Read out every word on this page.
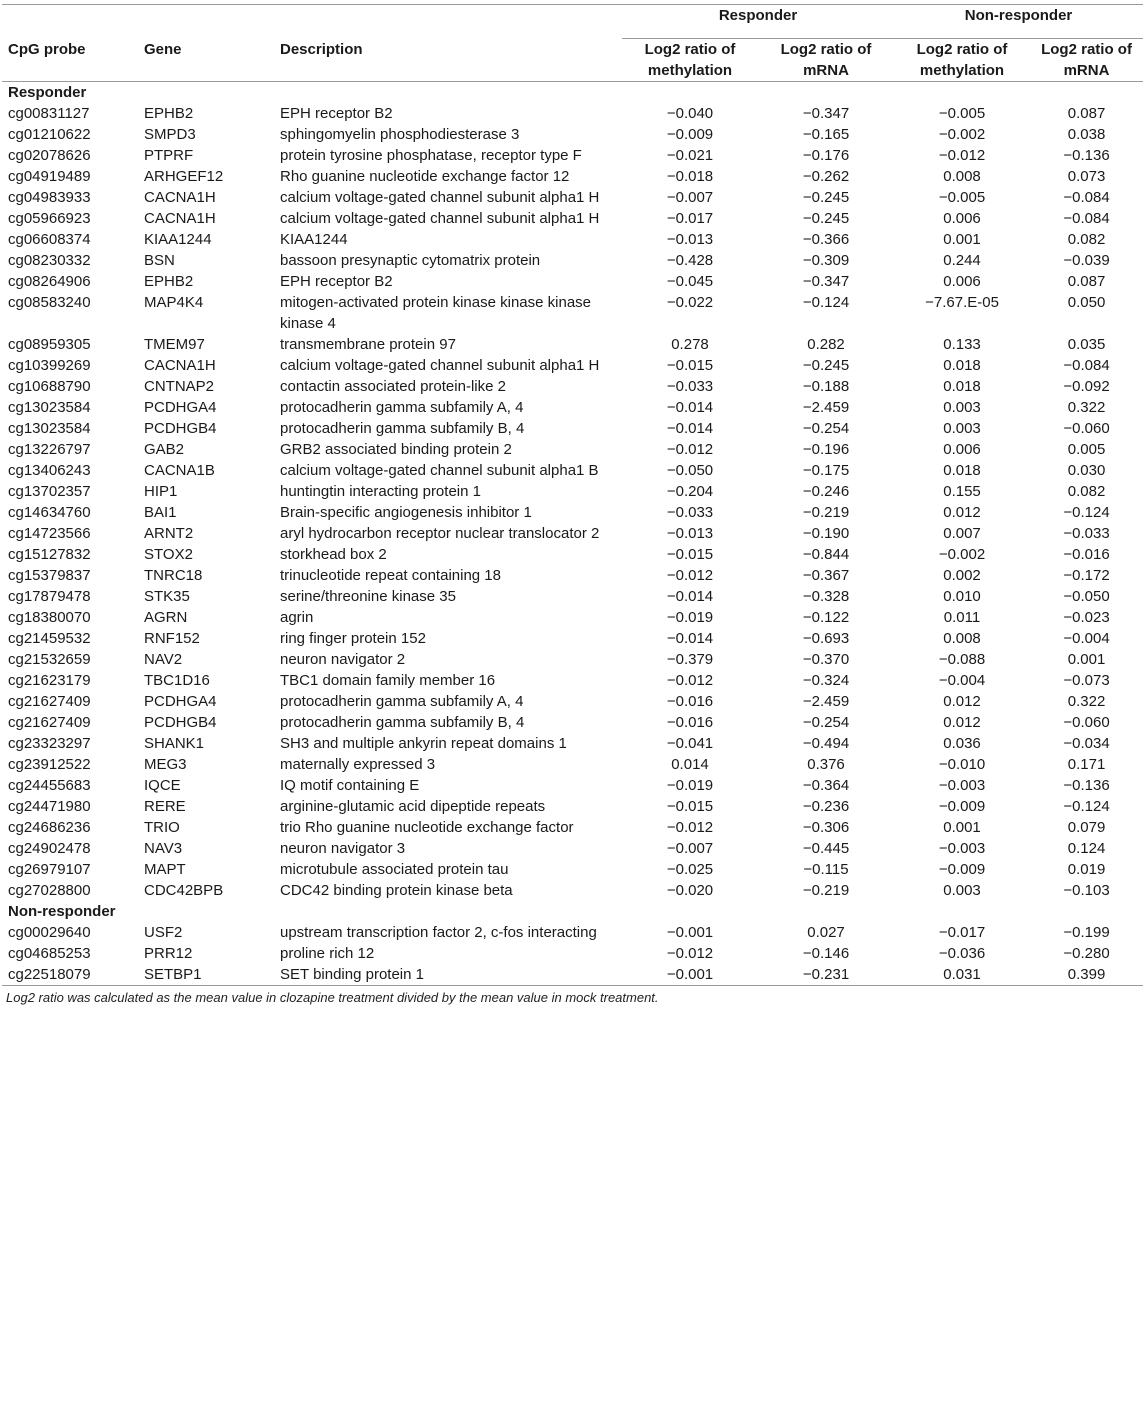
			Responder		Non-responder	
CpG probe	Gene	Description	Log2 ratio of methylation	Log2 ratio of mRNA	Log2 ratio of methylation	Log2 ratio of mRNA
Responder						
cg00831127	EPHB2	EPH receptor B2	−0.040	−0.347	−0.005	0.087
cg01210622	SMPD3	sphingomyelin phosphodiesterase 3	−0.009	−0.165	−0.002	0.038
cg02078626	PTPRF	protein tyrosine phosphatase, receptor type F	−0.021	−0.176	−0.012	−0.136
cg04919489	ARHGEF12	Rho guanine nucleotide exchange factor 12	−0.018	−0.262	0.008	0.073
cg04983933	CACNA1H	calcium voltage-gated channel subunit alpha1 H	−0.007	−0.245	−0.005	−0.084
cg05966923	CACNA1H	calcium voltage-gated channel subunit alpha1 H	−0.017	−0.245	0.006	−0.084
cg06608374	KIAA1244	KIAA1244	−0.013	−0.366	0.001	0.082
cg08230332	BSN	bassoon presynaptic cytomatrix protein	−0.428	−0.309	0.244	−0.039
cg08264906	EPHB2	EPH receptor B2	−0.045	−0.347	0.006	0.087
cg08583240	MAP4K4	mitogen-activated protein kinase kinase kinase kinase 4	−0.022	−0.124	−7.67.E-05	0.050
cg08959305	TMEM97	transmembrane protein 97	0.278	0.282	0.133	0.035
cg10399269	CACNA1H	calcium voltage-gated channel subunit alpha1 H	−0.015	−0.245	0.018	−0.084
cg10688790	CNTNAP2	contactin associated protein-like 2	−0.033	−0.188	0.018	−0.092
cg13023584	PCDHGA4	protocadherin gamma subfamily A, 4	−0.014	−2.459	0.003	0.322
cg13023584	PCDHGB4	protocadherin gamma subfamily B, 4	−0.014	−0.254	0.003	−0.060
cg13226797	GAB2	GRB2 associated binding protein 2	−0.012	−0.196	0.006	0.005
cg13406243	CACNA1B	calcium voltage-gated channel subunit alpha1 B	−0.050	−0.175	0.018	0.030
cg13702357	HIP1	huntingtin interacting protein 1	−0.204	−0.246	0.155	0.082
cg14634760	BAI1	Brain-specific angiogenesis inhibitor 1	−0.033	−0.219	0.012	−0.124
cg14723566	ARNT2	aryl hydrocarbon receptor nuclear translocator 2	−0.013	−0.190	0.007	−0.033
cg15127832	STOX2	storkhead box 2	−0.015	−0.844	−0.002	−0.016
cg15379837	TNRC18	trinucleotide repeat containing 18	−0.012	−0.367	0.002	−0.172
cg17879478	STK35	serine/threonine kinase 35	−0.014	−0.328	0.010	−0.050
cg18380070	AGRN	agrin	−0.019	−0.122	0.011	−0.023
cg21459532	RNF152	ring finger protein 152	−0.014	−0.693	0.008	−0.004
cg21532659	NAV2	neuron navigator 2	−0.379	−0.370	−0.088	0.001
cg21623179	TBC1D16	TBC1 domain family member 16	−0.012	−0.324	−0.004	−0.073
cg21627409	PCDHGA4	protocadherin gamma subfamily A, 4	−0.016	−2.459	0.012	0.322
cg21627409	PCDHGB4	protocadherin gamma subfamily B, 4	−0.016	−0.254	0.012	−0.060
cg23323297	SHANK1	SH3 and multiple ankyrin repeat domains 1	−0.041	−0.494	0.036	−0.034
cg23912522	MEG3	maternally expressed 3	0.014	0.376	−0.010	0.171
cg24455683	IQCE	IQ motif containing E	−0.019	−0.364	−0.003	−0.136
cg24471980	RERE	arginine-glutamic acid dipeptide repeats	−0.015	−0.236	−0.009	−0.124
cg24686236	TRIO	trio Rho guanine nucleotide exchange factor	−0.012	−0.306	0.001	0.079
cg24902478	NAV3	neuron navigator 3	−0.007	−0.445	−0.003	0.124
cg26979107	MAPT	microtubule associated protein tau	−0.025	−0.115	−0.009	0.019
cg27028800	CDC42BPB	CDC42 binding protein kinase beta	−0.020	−0.219	0.003	−0.103
Non-responder						
cg00029640	USF2	upstream transcription factor 2, c-fos interacting	−0.001	0.027	−0.017	−0.199
cg04685253	PRR12	proline rich 12	−0.012	−0.146	−0.036	−0.280
cg22518079	SETBP1	SET binding protein 1	−0.001	−0.231	0.031	0.399
Log2 ratio was calculated as the mean value in clozapine treatment divided by the mean value in mock treatment.
